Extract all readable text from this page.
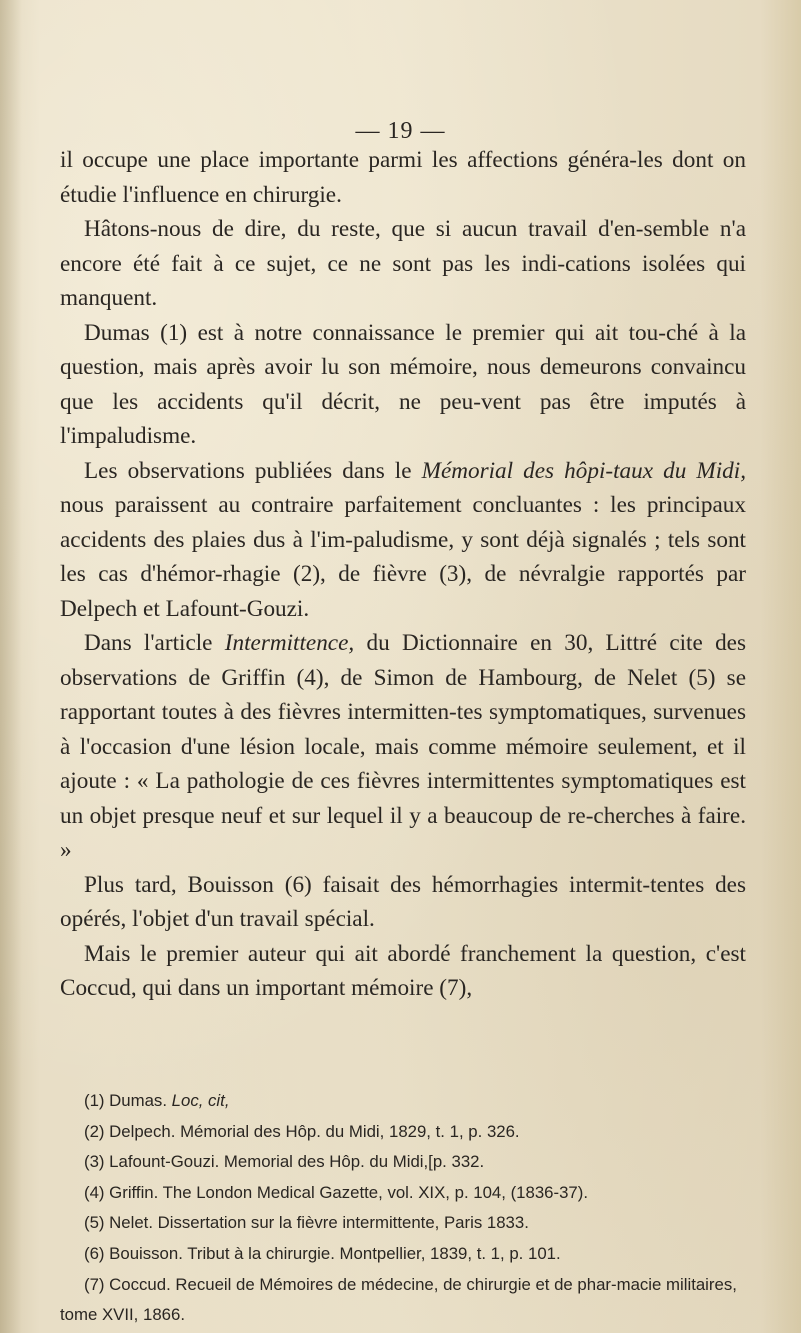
— 19 —

il occupe une place importante parmi les affections généra-les dont on étudie l'influence en chirurgie.

Hâtons-nous de dire, du reste, que si aucun travail d'en-semble n'a encore été fait à ce sujet, ce ne sont pas les indi-cations isolées qui manquent.

Dumas (1) est à notre connaissance le premier qui ait tou-ché à la question, mais après avoir lu son mémoire, nous demeurons convaincu que les accidents qu'il décrit, ne peu-vent pas être imputés à l'impaludisme.

Les observations publiées dans le Mémorial des hôpi-taux du Midi, nous paraissent au contraire parfaitement concluantes : les principaux accidents des plaies dus à l'im-paludisme, y sont déjà signalés ; tels sont les cas d'hémor-rhagie (2), de fièvre (3), de névralgie rapportés par Delpech et Lafount-Gouzi.

Dans l'article Intermittence, du Dictionnaire en 30, Littré cite des observations de Griffin (4), de Simon de Hambourg, de Nelet (5) se rapportant toutes à des fièvres intermitten-tes symptomatiques, survenues à l'occasion d'une lésion locale, mais comme mémoire seulement, et il ajoute : « La pathologie de ces fièvres intermittentes symptomatiques est un objet presque neuf et sur lequel il y a beaucoup de re-cherches à faire. »

Plus tard, Bouisson (6) faisait des hémorrhagies intermit-tentes des opérés, l'objet d'un travail spécial.

Mais le premier auteur qui ait abordé franchement la question, c'est Coccud, qui dans un important mémoire (7),

(1) Dumas. Loc, cit,

(2) Delpech. Mémorial des Hôp. du Midi, 1829, t. 1, p. 326.

(3) Lafount-Gouzi. Memorial des Hôp. du Midi,[p. 332.

(4) Griffin. The London Medical Gazette, vol. XIX, p. 104, (1836-37).

(5) Nelet. Dissertation sur la fièvre intermittente, Paris 1833.

(6) Bouisson. Tribut à la chirurgie. Montpellier, 1839, t. 1, p. 101.

(7) Coccud. Recueil de Mémoires de médecine, de chirurgie et de phar-macie militaires, tome XVII, 1866.
